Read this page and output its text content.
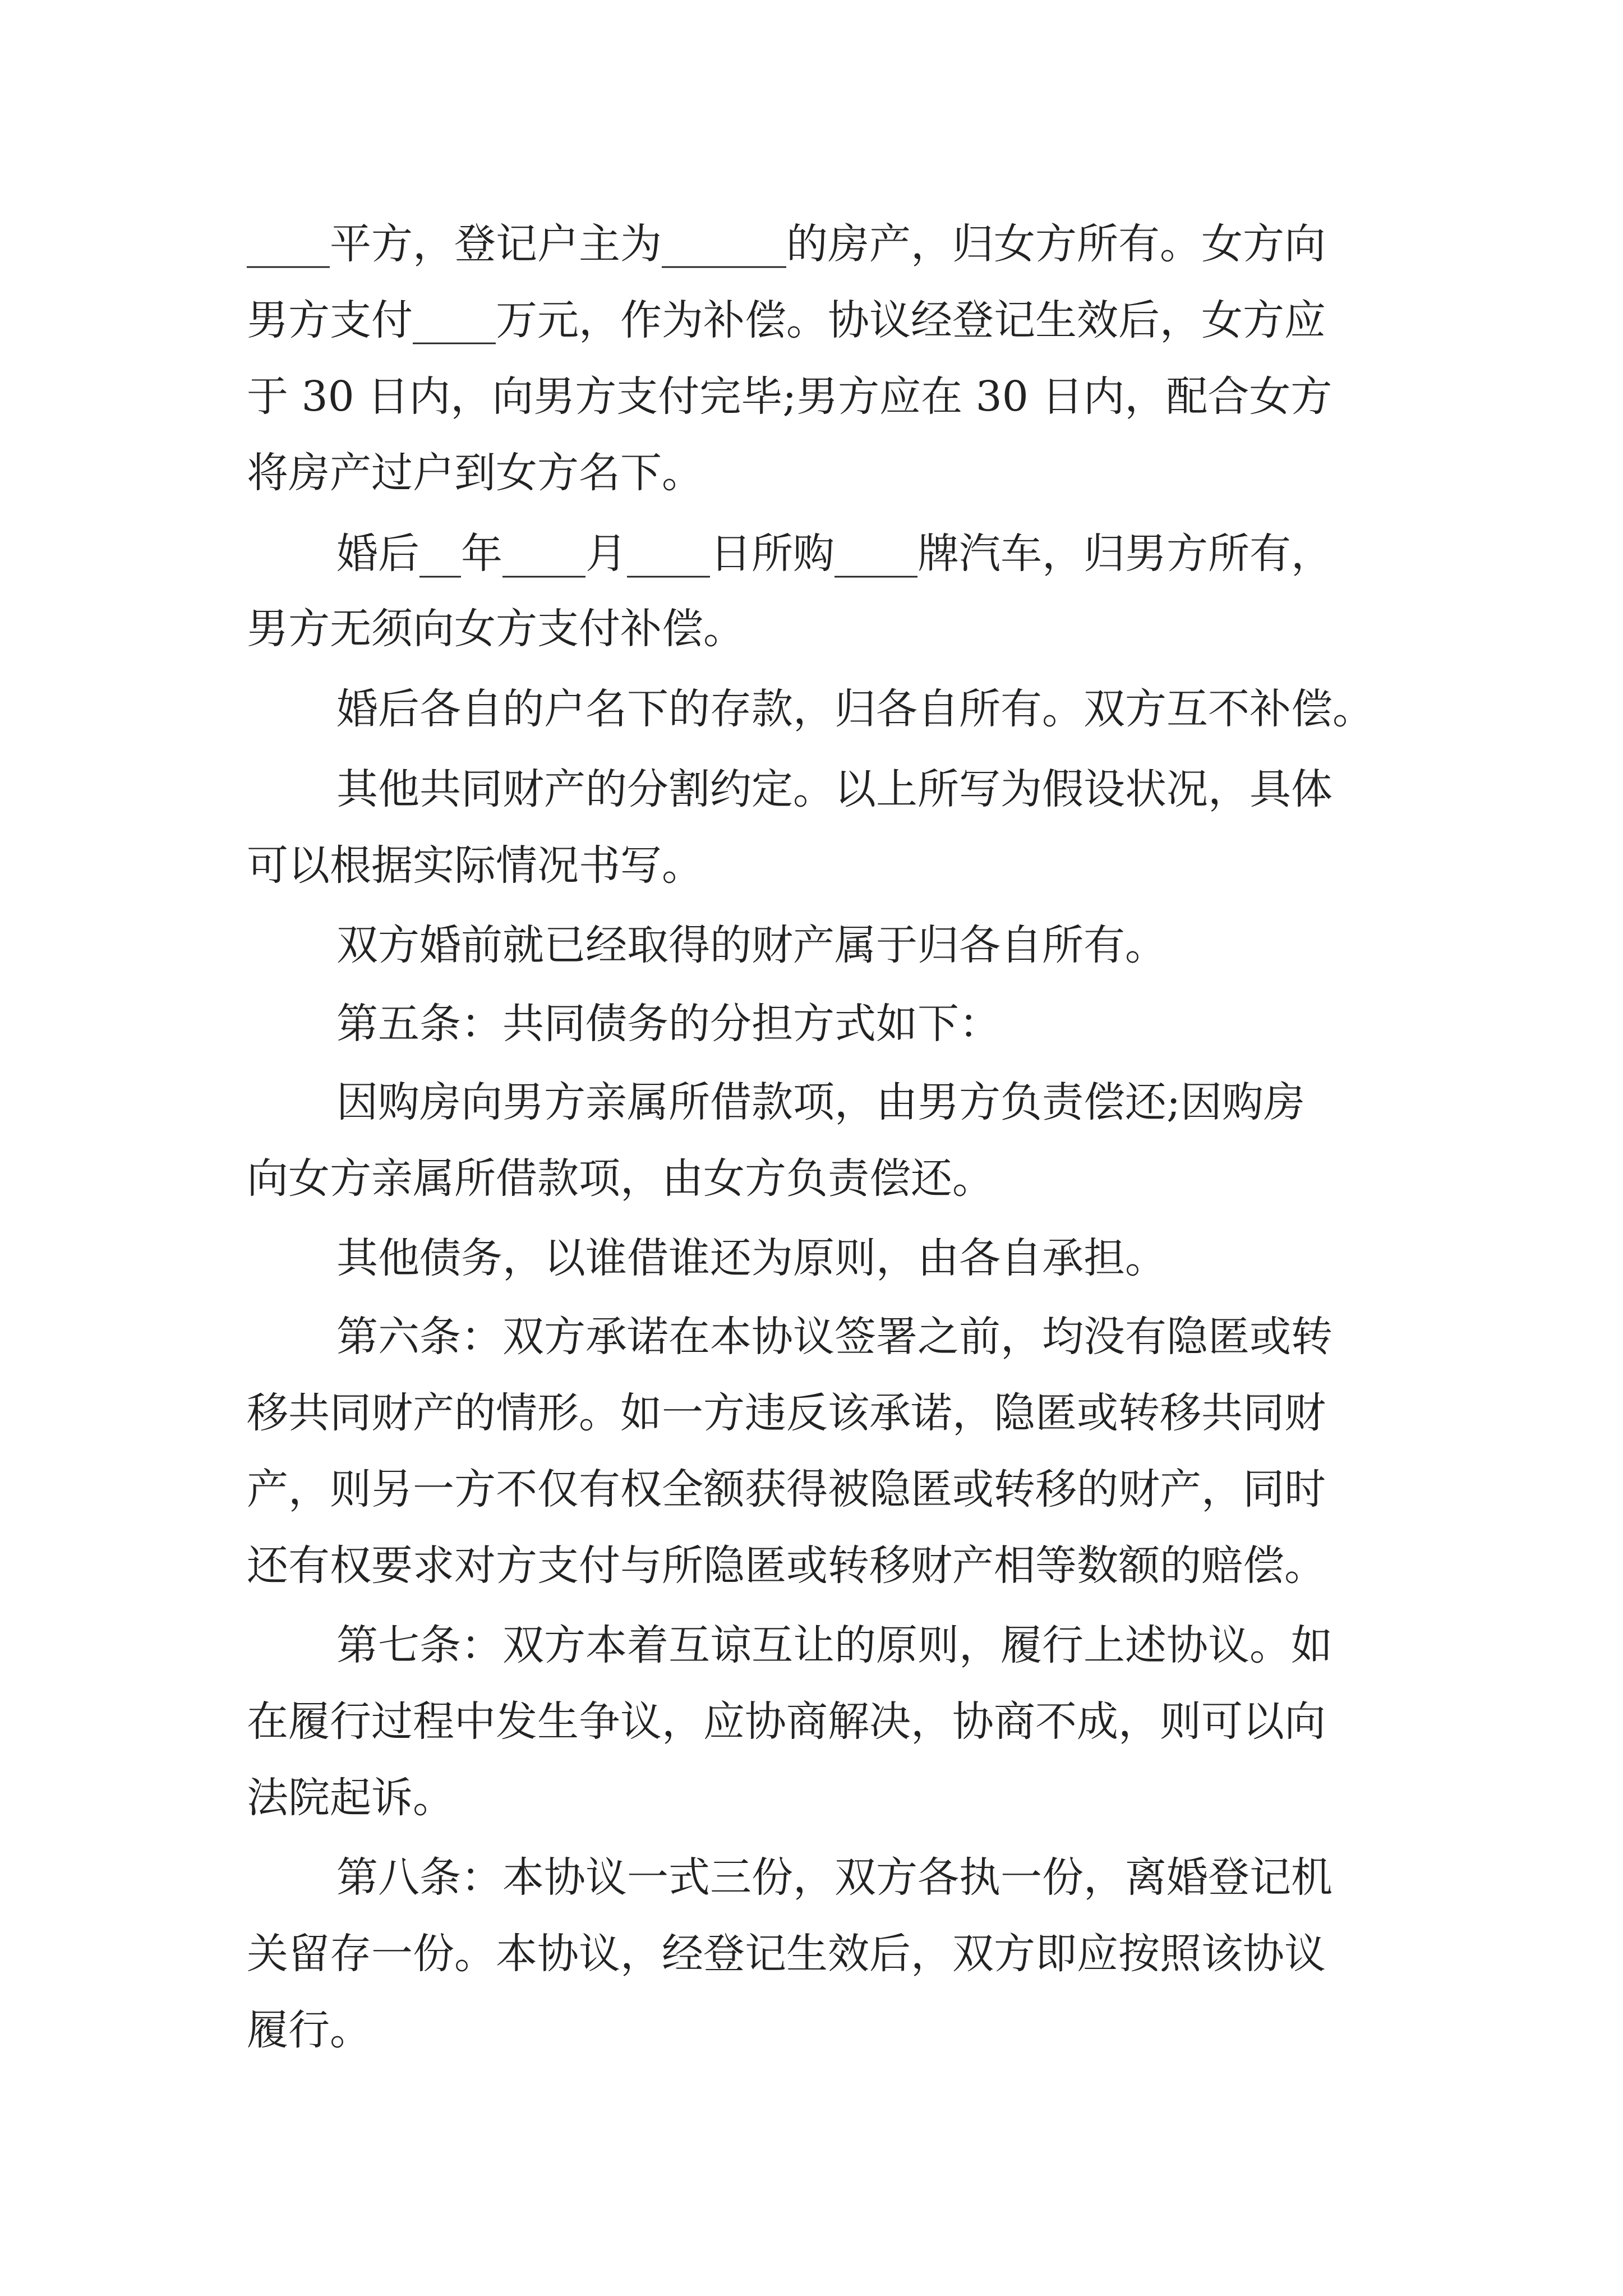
____平方，登记户主为______的房产，归女方所有。女方向

男方支付____万元，作为补偿。协议经登记生效后，女方应

于 30 日内，向男方支付完毕;男方应在 30 日内，配合女方

将房产过户到女方名下。

婚后__年____月____日所购____牌汽车，归男方所有，

男方无须向女方支付补偿。

婚后各自的户名下的存款，归各自所有。双方互不补偿。

其他共同财产的分割约定。以上所写为假设状况，具体

可以根据实际情况书写。

双方婚前就已经取得的财产属于归各自所有。

第五条：共同债务的分担方式如下：

因购房向男方亲属所借款项，由男方负责偿还;因购房

向女方亲属所借款项，由女方负责偿还。

其他债务，以谁借谁还为原则，由各自承担。

第六条：双方承诺在本协议签署之前，均没有隐匿或转

移共同财产的情形。如一方违反该承诺，隐匿或转移共同财

产，则另一方不仅有权全额获得被隐匿或转移的财产，同时

还有权要求对方支付与所隐匿或转移财产相等数额的赔偿。

第七条：双方本着互谅互让的原则，履行上述协议。如

在履行过程中发生争议，应协商解决，协商不成，则可以向

法院起诉。

第八条：本协议一式三份，双方各执一份，离婚登记机

关留存一份。本协议，经登记生效后，双方即应按照该协议

履行。
